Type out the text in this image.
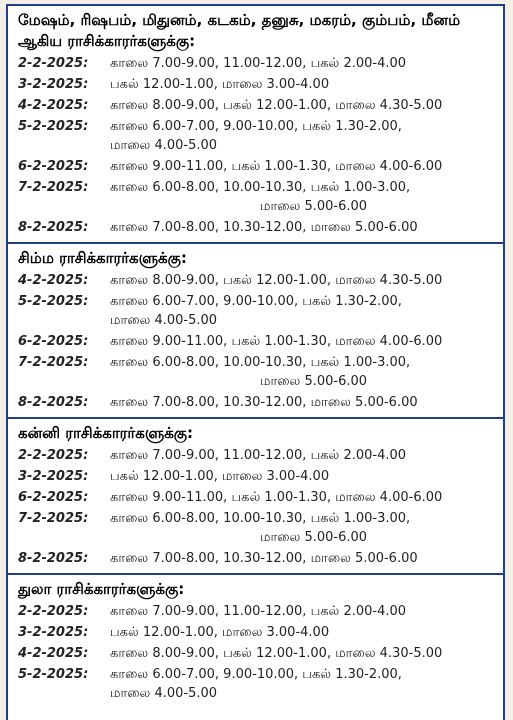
மேஷம், ரிஷபம், மிதுனம், கடகம், தனுசு, மகரம், கும்பம், மீனம் ஆகிய ராசிக்காரர்களுக்கு:
2-2-2025:	காலை 7.00-9.00, 11.00-12.00, பகல் 2.00-4.00
3-2-2025:	பகல் 12.00-1.00, மாலை 3.00-4.00
4-2-2025:	காலை 8.00-9.00, பகல் 12.00-1.00, மாலை 4.30-5.00
5-2-2025:	காலை 6.00-7.00, 9.00-10.00, பகல் 1.30-2.00,
மாலை 4.00-5.00
6-2-2025:	காலை 9.00-11.00, பகல் 1.00-1.30, மாலை 4.00-6.00
7-2-2025:	காலை 6.00-8.00, 10.00-10.30, பகல் 1.00-3.00,
மாலை 5.00-6.00
8-2-2025:	காலை 7.00-8.00, 10.30-12.00, மாலை 5.00-6.00
சிம்ம ராசிக்காரர்களுக்கு:
4-2-2025:	காலை 8.00-9.00, பகல் 12.00-1.00, மாலை 4.30-5.00
5-2-2025:	காலை 6.00-7.00, 9.00-10.00, பகல் 1.30-2.00,
மாலை 4.00-5.00
6-2-2025:	காலை 9.00-11.00, பகல் 1.00-1.30, மாலை 4.00-6.00
7-2-2025:	காலை 6.00-8.00, 10.00-10.30, பகல் 1.00-3.00,
மாலை 5.00-6.00
8-2-2025:	காலை 7.00-8.00, 10.30-12.00, மாலை 5.00-6.00
கன்னி ராசிக்காரர்களுக்கு:
2-2-2025:	காலை 7.00-9.00, 11.00-12.00, பகல் 2.00-4.00
3-2-2025:	பகல் 12.00-1.00, மாலை 3.00-4.00
6-2-2025:	காலை 9.00-11.00, பகல் 1.00-1.30, மாலை 4.00-6.00
7-2-2025:	காலை 6.00-8.00, 10.00-10.30, பகல் 1.00-3.00,
மாலை 5.00-6.00
8-2-2025:	காலை 7.00-8.00, 10.30-12.00, மாலை 5.00-6.00
துலா ராசிக்காரர்களுக்கு:
2-2-2025:	காலை 7.00-9.00, 11.00-12.00, பகல் 2.00-4.00
3-2-2025:	பகல் 12.00-1.00, மாலை 3.00-4.00
4-2-2025:	காலை 8.00-9.00, பகல் 12.00-1.00, மாலை 4.30-5.00
5-2-2025:	காலை 6.00-7.00, 9.00-10.00, பகல் 1.30-2.00,
மாலை 4.00-5.00
